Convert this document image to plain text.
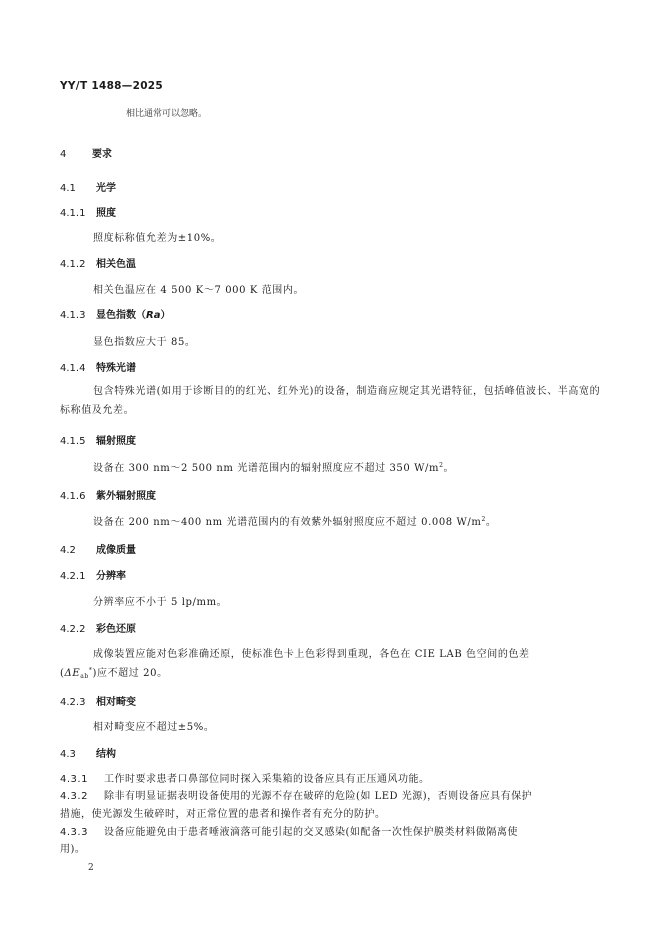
YY/T 1488—2025
相比通常可以忽略。
4	要求
4.1 光学
4.1.1 照度
照度标称值允差为±10%。
4.1.2 相关色温
相关色温应在 4 500 K～7 000 K 范围内。
4.1.3 显色指数（Ra）
显色指数应大于 85。
4.1.4 特殊光谱
包含特殊光谱(如用于诊断目的的红光、红外光)的设备，制造商应规定其光谱特征，包括峰值波长、半高宽的标称值及允差。
4.1.5 辐射照度
设备在 300 nm～2 500 nm 光谱范围内的辐射照度应不超过 350 $W/m^2$。
4.1.6 紫外辐射照度
设备在 200 nm～400 nm 光谱范围内的有效紫外辐射照度应不超过 0.008 $W/m^2$。
4.2 成像质量
4.2.1 分辨率
分辨率应不小于 5 lp/mm。
4.2.2 彩色还原
成像装置应能对色彩准确还原，使标准色卡上色彩得到重现，各色在 CIE LAB 色空间的色差
$(\Delta E_{ab}^*)$应不超过 20。
4.2.3 相对畸变
相对畸变应不超过±5%。
4.3 结构
4.3.1 工作时要求患者口鼻部位同时探入采集箱的设备应具有正压通风功能。
4.3.2 除非有明显证据表明设备使用的光源不存在破碎的危险(如 LED 光源)，否则设备应具有保护
措施，使光源发生破碎时，对正常位置的患者和操作者有充分的防护。
4.3.3 设备应能避免由于患者唾液滴落可能引起的交叉感染(如配备一次性保护膜类材料做隔离使
用)。
2
